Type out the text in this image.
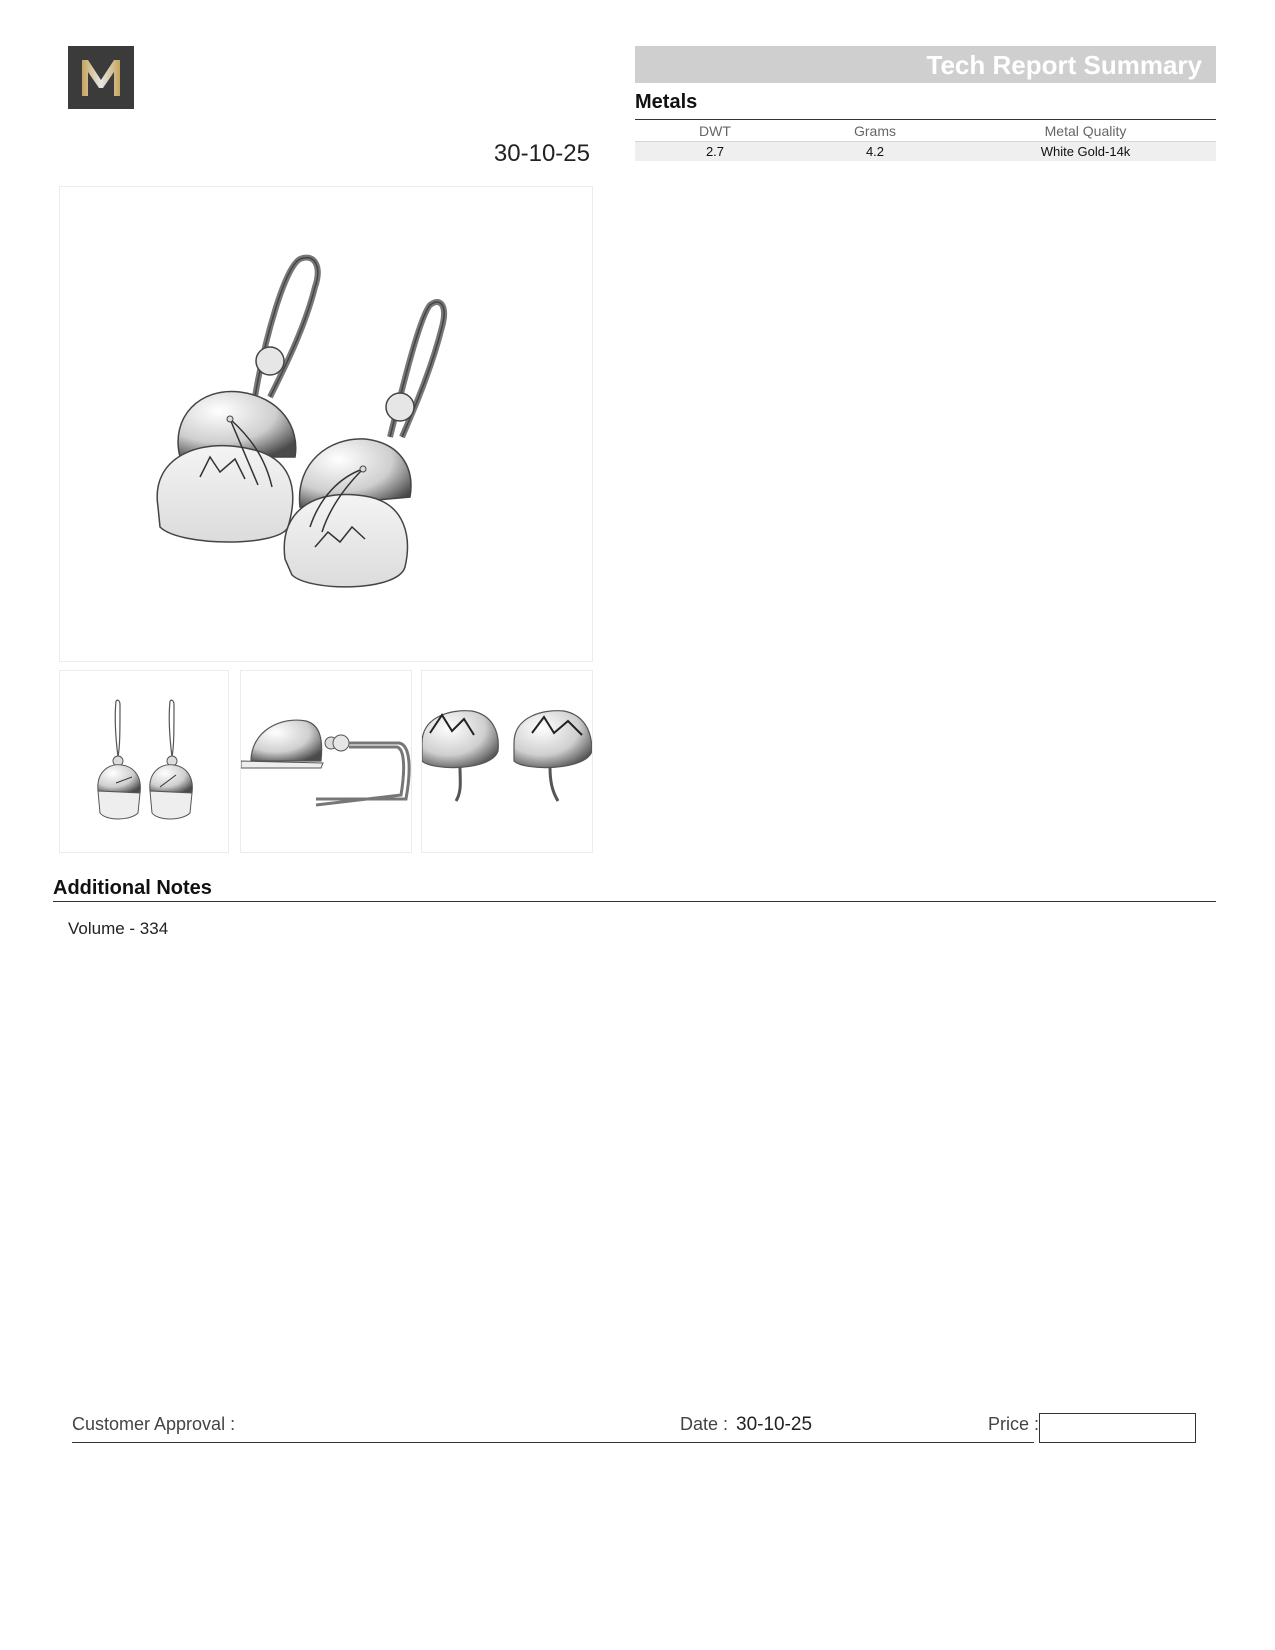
30-10-25
Tech Report Summary
Metals
DWT	Grams	Metal Quality
2.7	4.2	White Gold-14k
Additional Notes
Volume - 334
Customer Approval :	Date : 30-10-25	Price :
